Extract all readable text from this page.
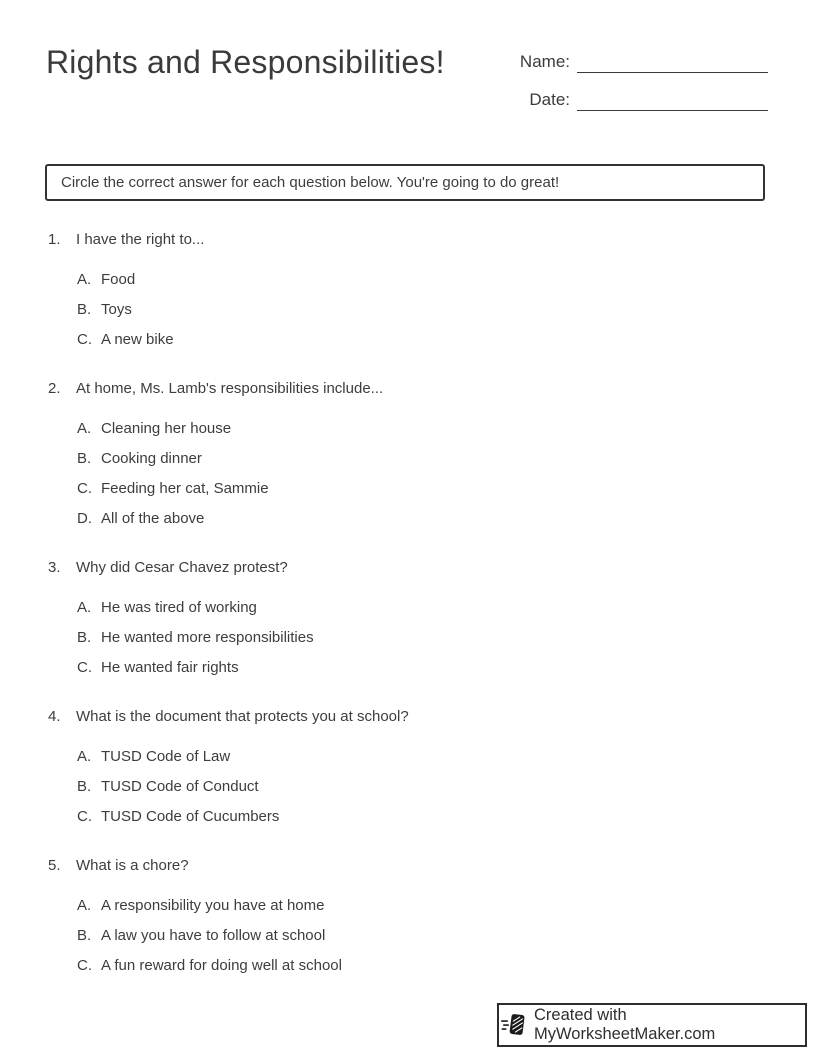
Rights and Responsibilities!	Name:
Date:
Circle the correct answer for each question below. You're going to do great!
1.	I have the right to...
A. Food
B. Toys
C. A new bike
2.	At home, Ms. Lamb's responsibilities include...
A. Cleaning her house
B. Cooking dinner
C. Feeding her cat, Sammie
D. All of the above
3.	Why did Cesar Chavez protest?
A. He was tired of working
B. He wanted more responsibilities
C. He wanted fair rights
4.	What is the document that protects you at school?
A. TUSD Code of Law
B. TUSD Code of Conduct
C. TUSD Code of Cucumbers
5.	What is a chore?
A. A responsibility you have at home
B. A law you have to follow at school
C. A fun reward for doing well at school
Created with MyWorksheetMaker.com
